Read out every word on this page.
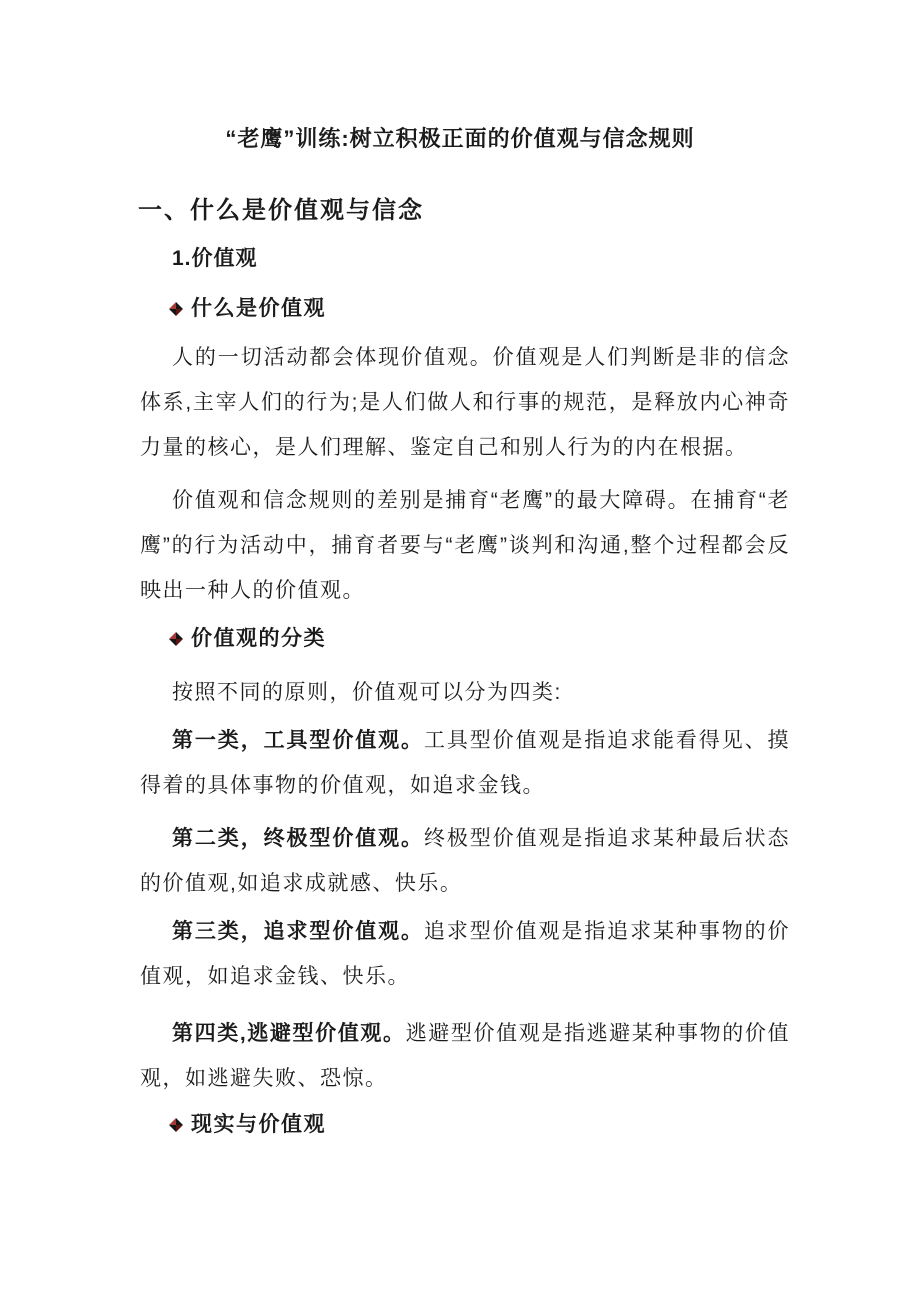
“老鹰”训练:树立积极正面的价值观与信念规则
一、什么是价值观与信念
1.价值观
什么是价值观

人的一切活动都会体现价值观。价值观是人们判断是非的信念体系,主宰人们的行为;是人们做人和行事的规范，是释放内心神奇力量的核心，是人们理解、鉴定自己和别人行为的内在根据。

价值观和信念规则的差别是捕育“老鹰”的最大障碍。在捕育“老鹰”的行为活动中，捕育者要与“老鹰”谈判和沟通,整个过程都会反映出一种人的价值观。

价值观的分类

按照不同的原则，价值观可以分为四类:

第一类，工具型价值观。工具型价值观是指追求能看得见、摸得着的具体事物的价值观，如追求金钱。

第二类，终极型价值观。终极型价值观是指追求某种最后状态的价值观,如追求成就感、快乐。

第三类，追求型价值观。追求型价值观是指追求某种事物的价值观，如追求金钱、快乐。

第四类,逃避型价值观。逃避型价值观是指逃避某种事物的价值观，如逃避失败、恐惊。

现实与价值观
